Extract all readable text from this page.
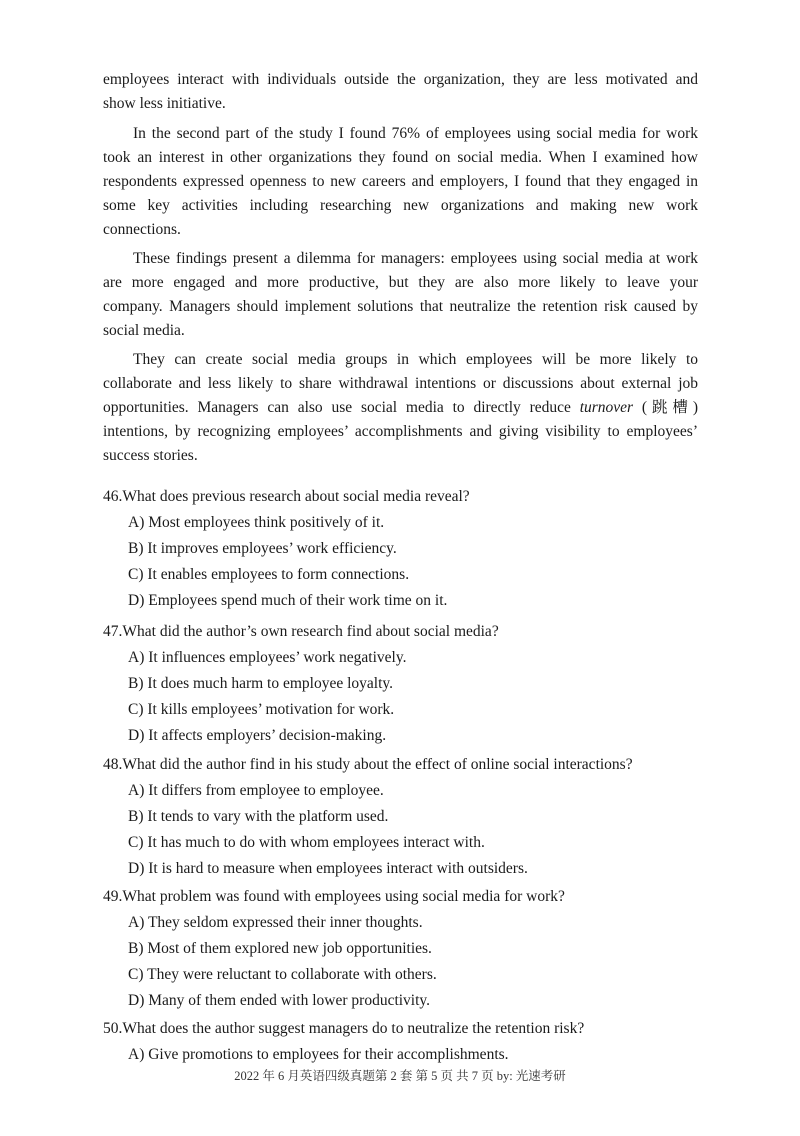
employees interact with individuals outside the organization, they are less motivated and
show less initiative.
In the second part of the study I found 76% of employees using social media for work
took an interest in other organizations they found on social media. When I examined how
respondents expressed openness to new careers and employers, I found that they engaged in
some key activities including researching new organizations and making new work
connections.
These findings present a dilemma for managers: employees using social media at work
are more engaged and more productive, but they are also more likely to leave your
company. Managers should implement solutions that neutralize the retention risk caused by
social media.
They can create social media groups in which employees will be more likely to
collaborate and less likely to share withdrawal intentions or discussions about external job
opportunities. Managers can also use social media to directly reduce turnover (跳槽)
intentions, by recognizing employees’ accomplishments and giving visibility to employees’
success stories.
46.What does previous research about social media reveal?
A) Most employees think positively of it.
B) It improves employees’ work efficiency.
C) It enables employees to form connections.
D) Employees spend much of their work time on it.
47.What did the author’s own research find about social media?
A) It influences employees’ work negatively.
B) It does much harm to employee loyalty.
C) It kills employees’ motivation for work.
D) It affects employers’ decision-making.
48.What did the author find in his study about the effect of online social interactions?
A) It differs from employee to employee.
B) It tends to vary with the platform used.
C) It has much to do with whom employees interact with.
D) It is hard to measure when employees interact with outsiders.
49.What problem was found with employees using social media for work?
A) They seldom expressed their inner thoughts.
B) Most of them explored new job opportunities.
C) They were reluctant to collaborate with others.
D) Many of them ended with lower productivity.
50.What does the author suggest managers do to neutralize the retention risk?
A) Give promotions to employees for their accomplishments.
2022 年 6 月英语四级真题第 2 套 第 5 页 共 7 页 by: 光速考研
